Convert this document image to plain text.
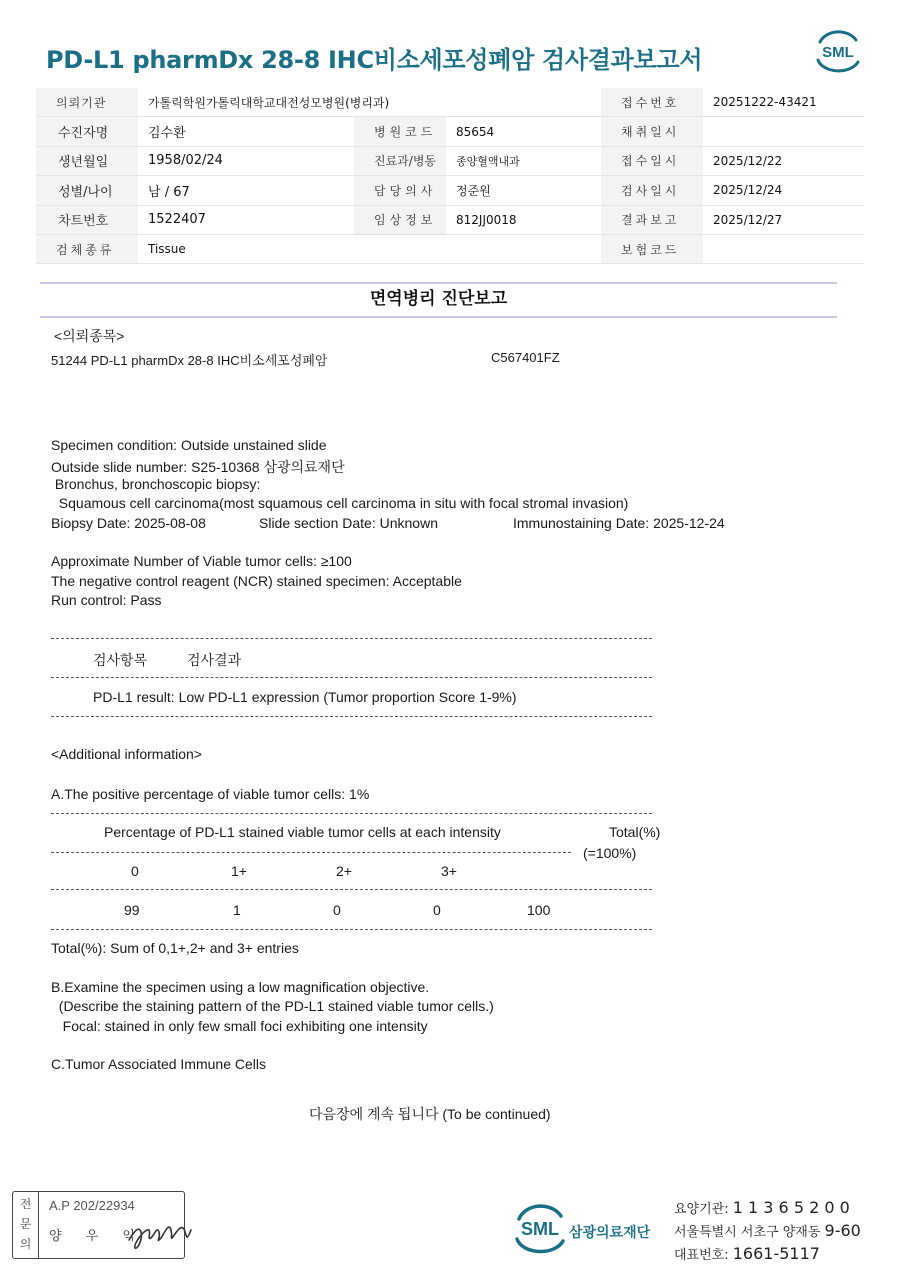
PD-L1 pharmDx 28-8 IHC비소세포성폐암 검사결과보고서	SML
의뢰기관	가톨릭학원가톨릭대학교대전성모병원(병리과)			접수번호	20251222-43421
수진자명	김수환	병원코드	85654	채취일시	
생년월일	1958/02/24	진료과/병동	종양혈액내과	접수일시	2025/12/22
성별/나이	남 / 67	담당의사	정준원	검사일시	2025/12/24
차트번호	1522407	임상정보	812JJ0018	결과보고	2025/12/27
검체종류	Tissue			보험코드	
면역병리 진단보고
<의뢰종목>
51244 PD-L1 pharmDx 28-8 IHC비소세포성폐암	C567401FZ
Specimen condition: Outside unstained slide
Outside slide number: S25-10368 삼광의료재단
Bronchus, bronchoscopic biopsy:
Squamous cell carcinoma(most squamous cell carcinoma in situ with focal stromal invasion)
Biopsy Date: 2025-08-08	Slide section Date: Unknown	Immunostaining Date: 2025-12-24
Approximate Number of Viable tumor cells: ≥100
The negative control reagent (NCR) stained specimen: Acceptable
Run control: Pass
검사항목	검사결과
PD-L1 result: Low PD-L1 expression (Tumor proportion Score 1-9%)
<Additional information>
A.The positive percentage of viable tumor cells: 1%
Percentage of PD-L1 stained viable tumor cells at each intensity	Total(%)
(=100%)
0	1+	2+	3+
99	1	0	0	100
Total(%): Sum of 0,1+,2+ and 3+ entries
B.Examine the specimen using a low magnification objective.
(Describe the staining pattern of the PD-L1 stained viable tumor cells.)
Focal: stained in only few small foci exhibiting one intensity
C.Tumor Associated Immune Cells
다음장에 계속 됩니다 (To be continued)
전
문
의
A.P 202/22934
양 우 익	SML 삼광의료재단
요양기관: 1 1 3 6 5 2 0 0
서울특별시 서초구 양재동 9-60
대표번호: 1661-5117
